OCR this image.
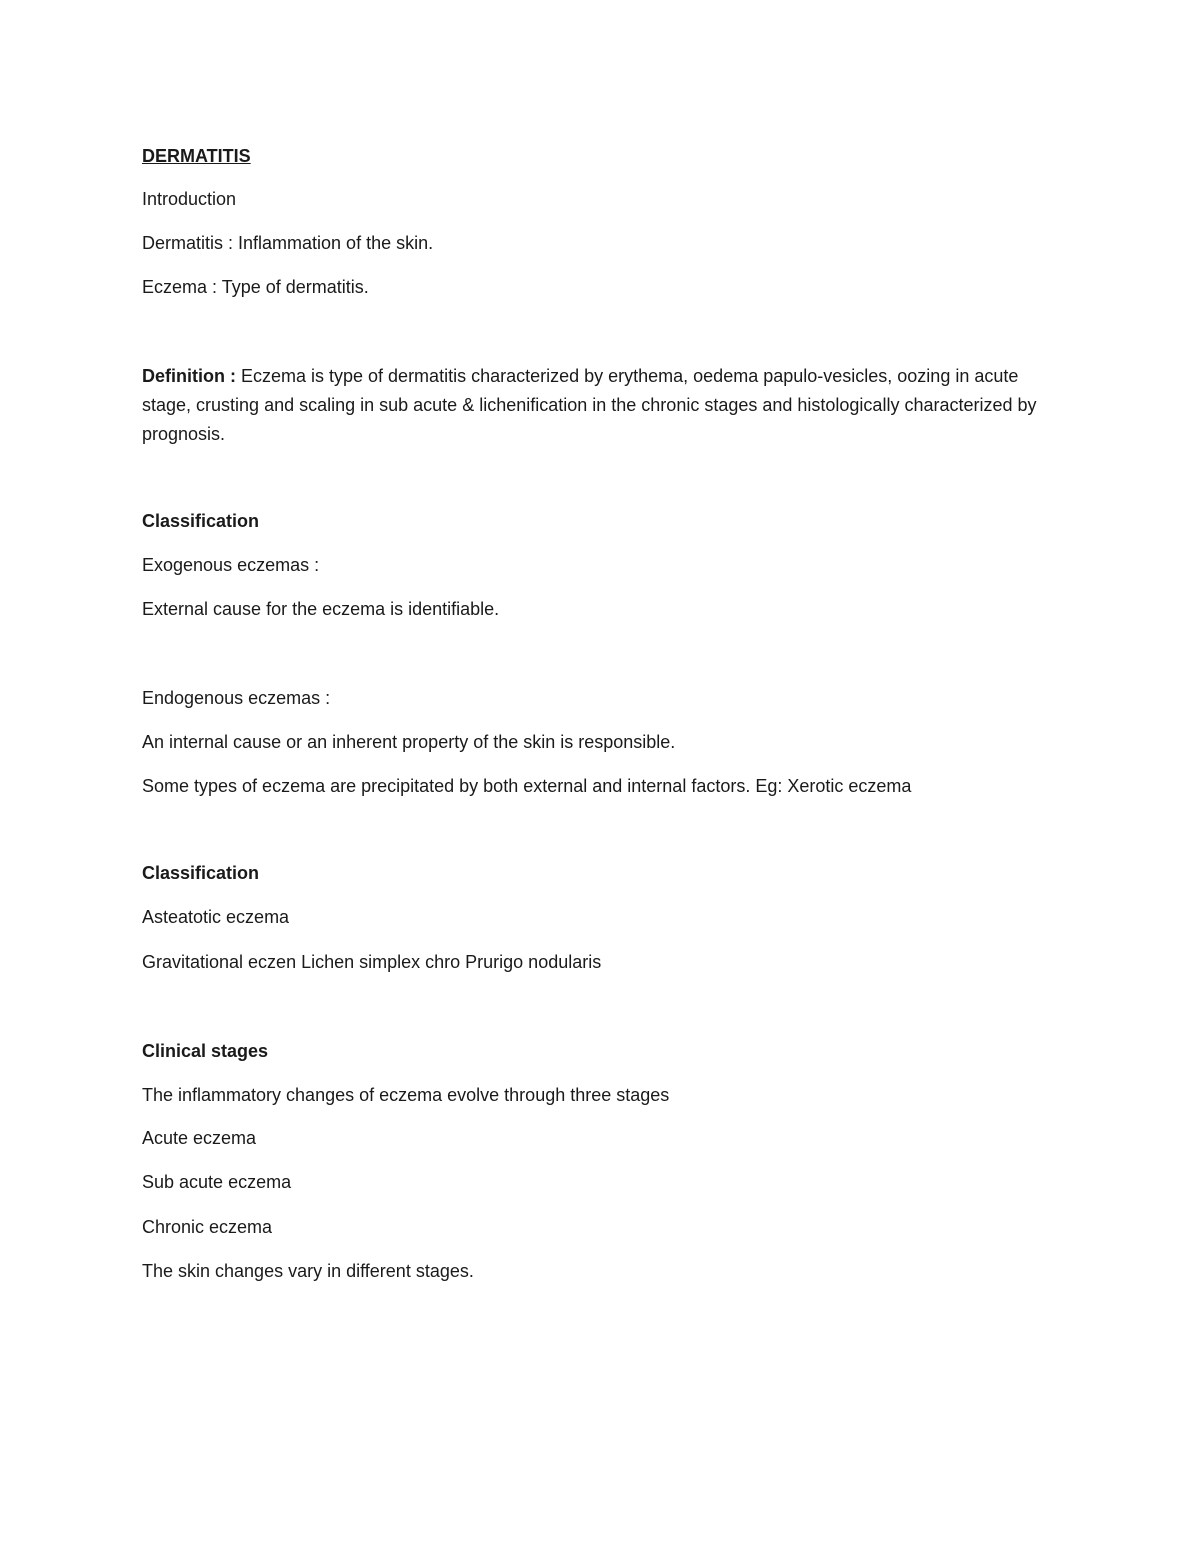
DERMATITIS
Introduction
Dermatitis : Inflammation of the skin.
Eczema : Type of dermatitis.
Definition : Eczema is type of dermatitis characterized by erythema, oedema papulo-vesicles, oozing in acute stage, crusting and scaling in sub acute & lichenification in the chronic stages and histologically characterized by prognosis.
Classification
Exogenous eczemas :
External cause for the eczema is identifiable.
Endogenous eczemas :
An internal cause or an inherent property of the skin is responsible.
Some types of eczema are precipitated by both external and internal factors. Eg: Xerotic eczema
Classification
Asteatotic eczema
Gravitational eczen Lichen simplex chro Prurigo nodularis
Clinical stages
The inflammatory changes of eczema evolve through three stages
Acute eczema
Sub acute eczema
Chronic eczema
The skin changes vary in different stages.
